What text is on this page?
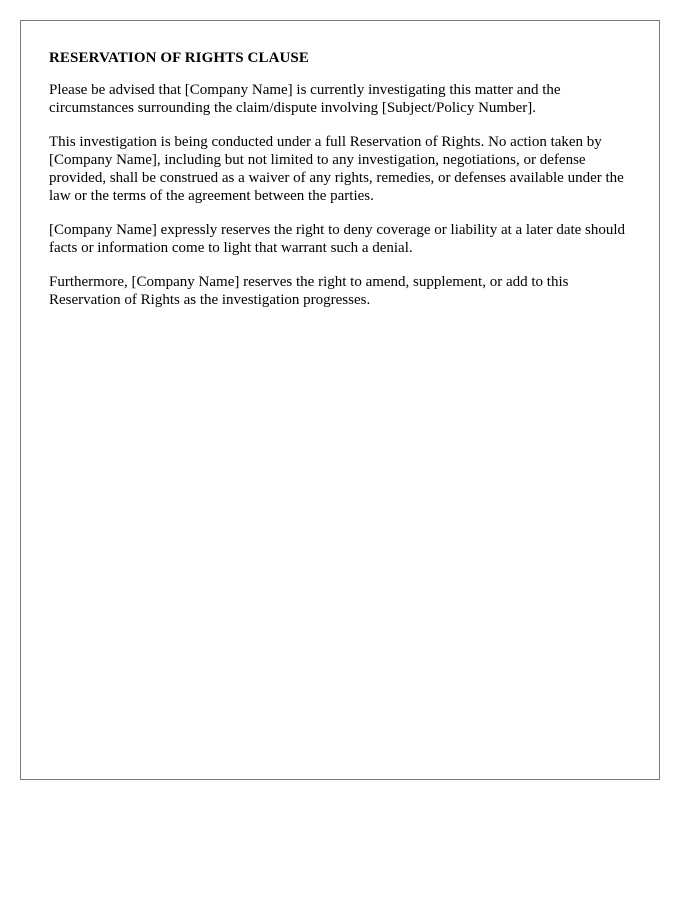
RESERVATION OF RIGHTS CLAUSE

Please be advised that [Company Name] is currently investigating this matter and the circumstances surrounding the claim/dispute involving [Subject/Policy Number].

This investigation is being conducted under a full Reservation of Rights. No action taken by [Company Name], including but not limited to any investigation, negotiations, or defense provided, shall be construed as a waiver of any rights, remedies, or defenses available under the law or the terms of the agreement between the parties.

[Company Name] expressly reserves the right to deny coverage or liability at a later date should facts or information come to light that warrant such a denial.

Furthermore, [Company Name] reserves the right to amend, supplement, or add to this Reservation of Rights as the investigation progresses.
